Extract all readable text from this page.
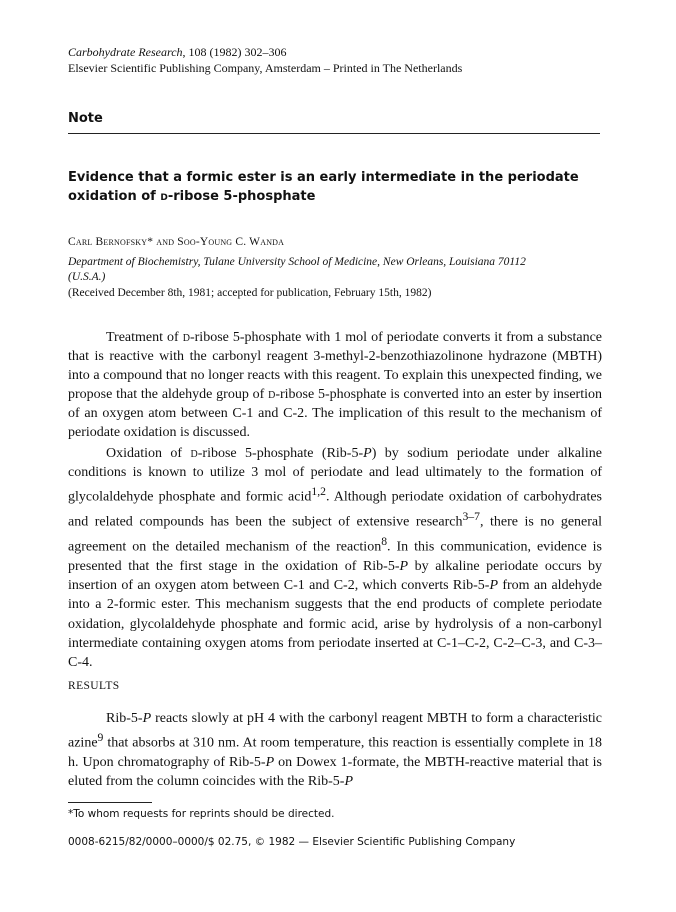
Carbohydrate Research, 108 (1982) 302–306
Elsevier Scientific Publishing Company, Amsterdam – Printed in The Netherlands
Note
Evidence that a formic ester is an early intermediate in the periodate
oxidation of d-ribose 5-phosphate
Carl Bernofsky* and Soo-Young C. Wanda
Department of Biochemistry, Tulane University School of Medicine, New Orleans, Louisiana 70112
(U.S.A.)
(Received December 8th, 1981; accepted for publication, February 15th, 1982)

Treatment of d-ribose 5-phosphate with 1 mol of periodate converts it from a substance that is reactive with the carbonyl reagent 3-methyl-2-benzothiazolinone hydrazone (MBTH) into a compound that no longer reacts with this reagent. To explain this unexpected finding, we propose that the aldehyde group of d-ribose 5-phosphate is converted into an ester by insertion of an oxygen atom between C-1 and C-2. The implication of this result to the mechanism of periodate oxidation is discussed.

Oxidation of d-ribose 5-phosphate (Rib-5-P) by sodium periodate under alkaline conditions is known to utilize 3 mol of periodate and lead ultimately to the formation of glycolaldehyde phosphate and formic acid$^{1,2}$. Although periodate oxidation of carbohydrates and related compounds has been the subject of extensive research$^{3-7}$, there is no general agreement on the detailed mechanism of the reaction$^8$. In this communication, evidence is presented that the first stage in the oxidation of Rib-5-P by alkaline periodate occurs by insertion of an oxygen atom between C-1 and C-2, which converts Rib-5-P from an aldehyde into a 2-formic ester. This mechanism suggests that the end products of complete periodate oxidation, glycolaldehyde phosphate and formic acid, arise by hydrolysis of a non-carbonyl intermediate containing oxygen atoms from periodate inserted at C-1–C-2, C-2–C-3, and C-3–C-4.

RESULTS

Rib-5-P reacts slowly at pH 4 with the carbonyl reagent MBTH to form a characteristic azine$^9$ that absorbs at 310 nm. At room temperature, this reaction is essentially complete in 18 h. Upon chromatography of Rib-5-P on Dowex 1-formate, the MBTH-reactive material that is eluted from the column coincides with the Rib-5-P

*To whom requests for reprints should be directed.
0008-6215/82/0000–0000/$ 02.75, © 1982 — Elsevier Scientific Publishing Company
